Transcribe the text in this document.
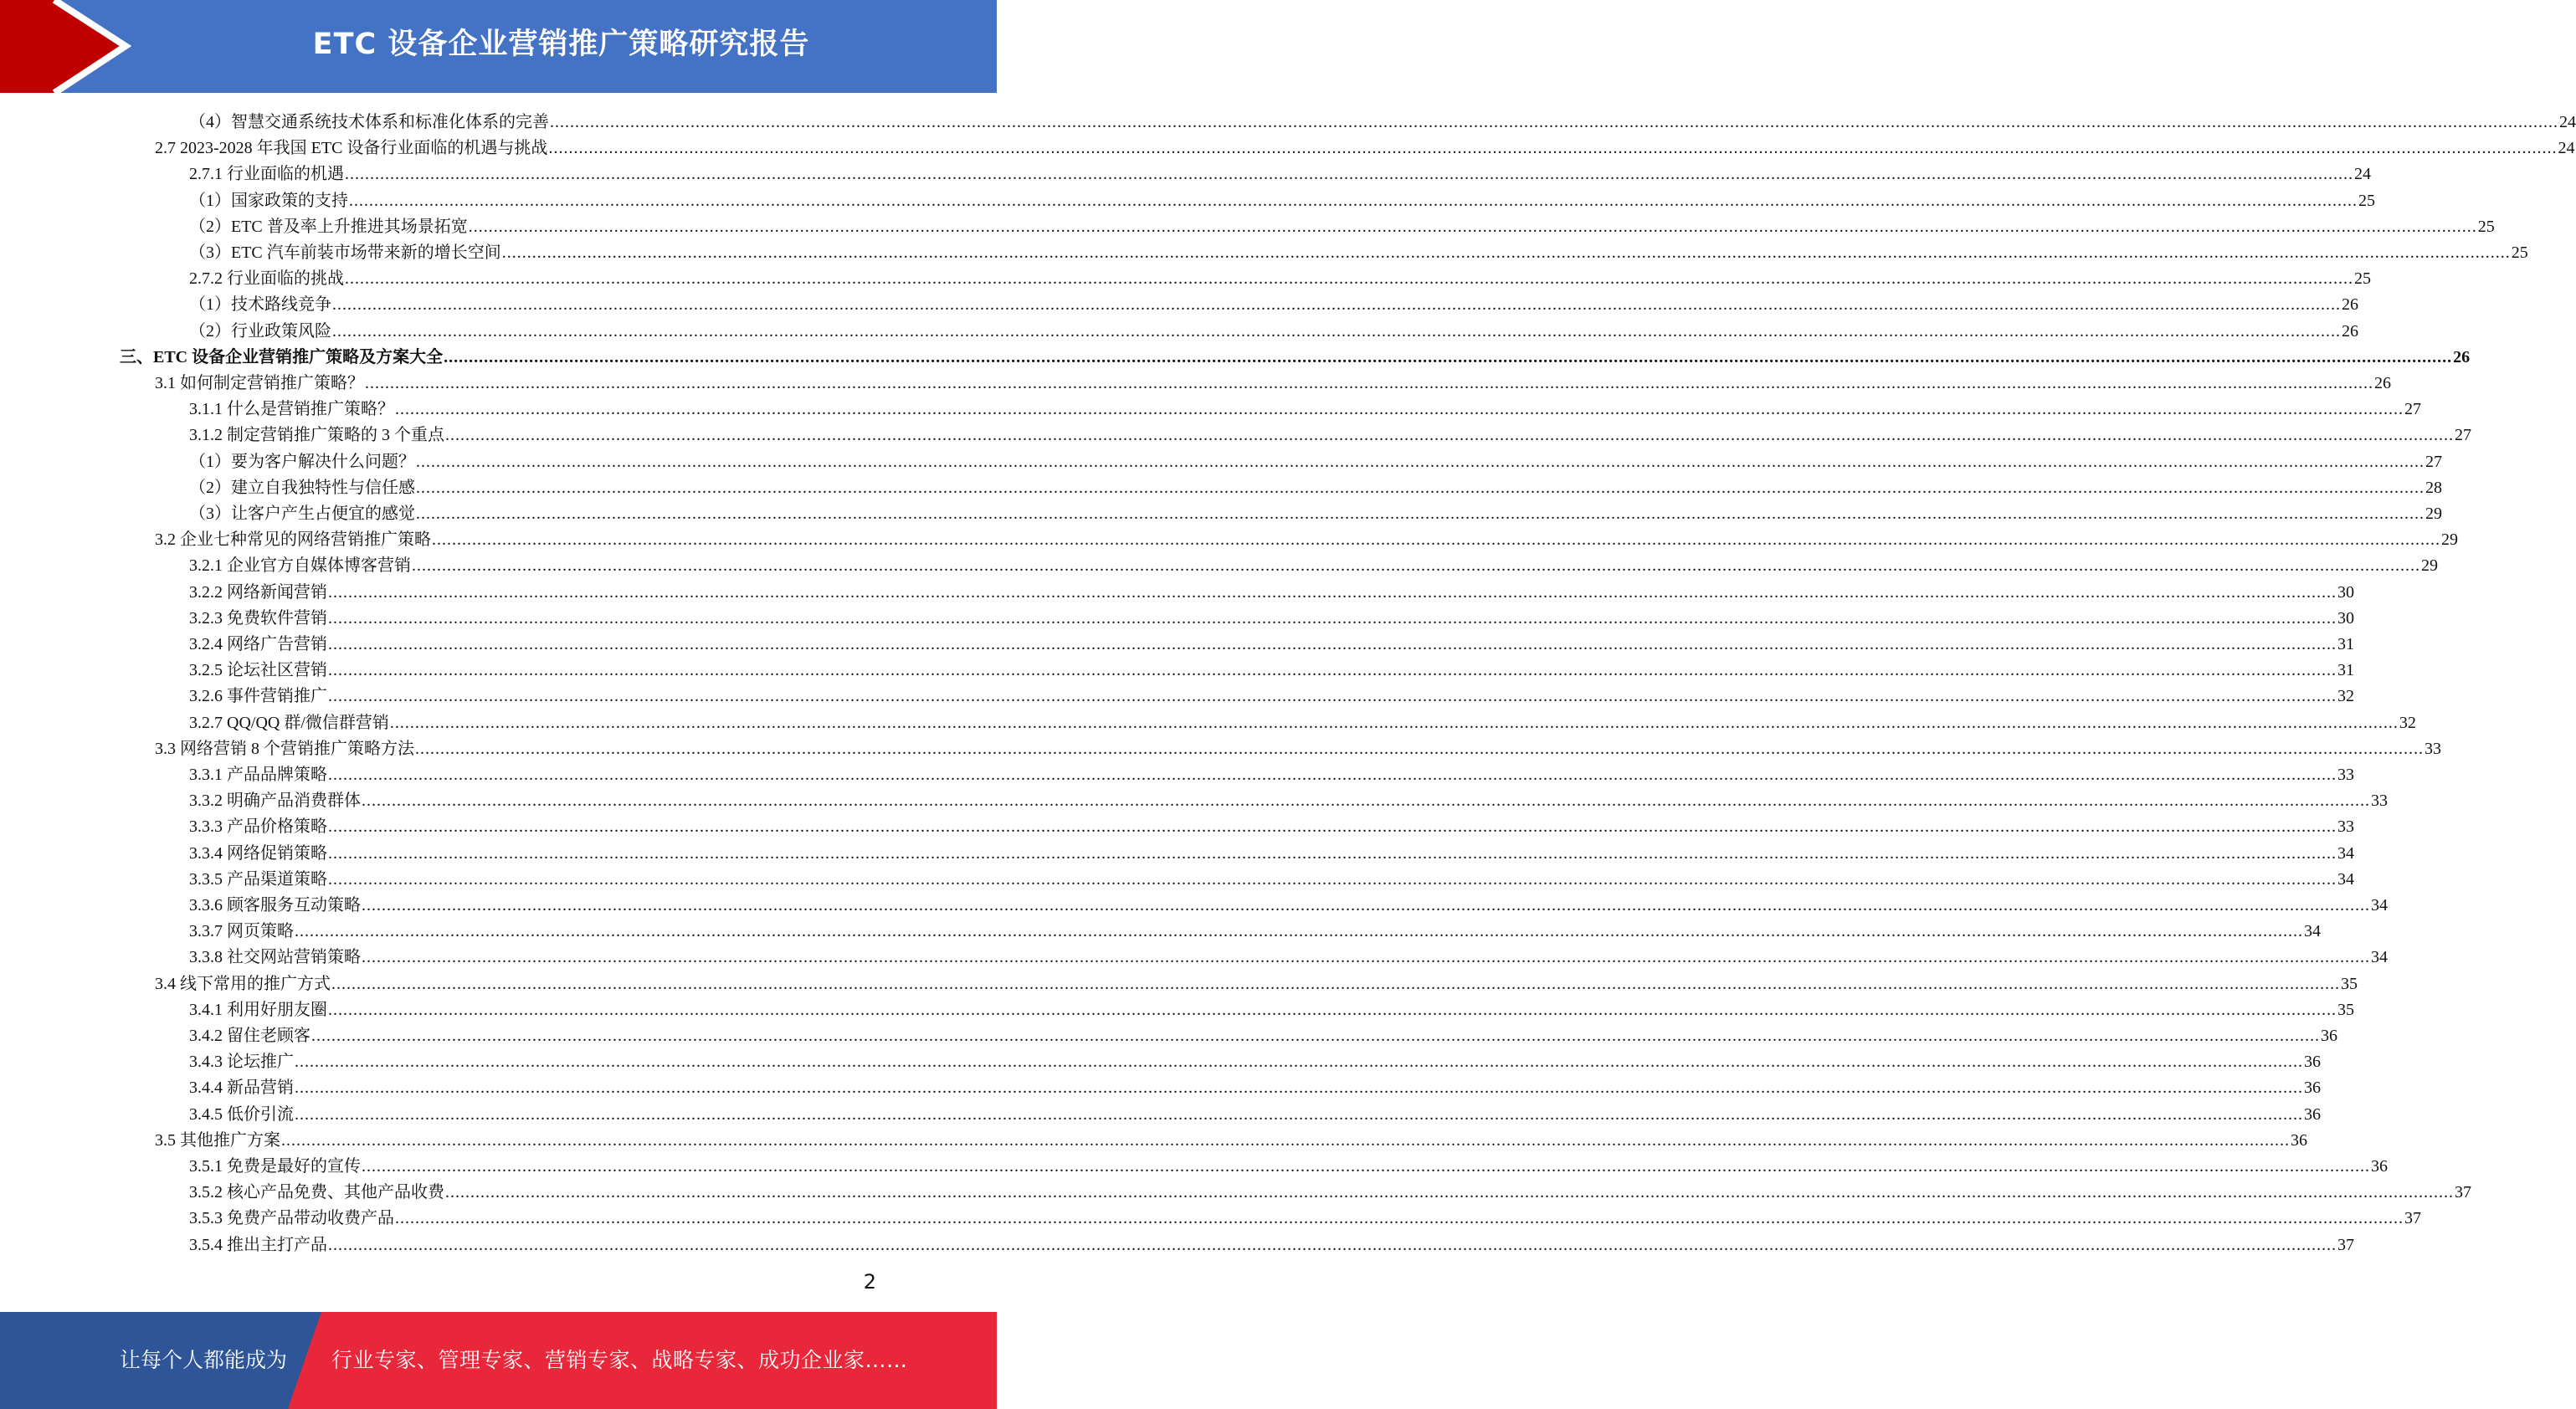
ETC 设备企业营销推广策略研究报告
（4）智慧交通系统技术体系和标准化体系的完善 ................................................................................................................................................................................................................................................................................................................................................................................................................ 24
2.7 2023-2028 年我国 ETC 设备行业面临的机遇与挑战 ................................................................................................................................................................................................................................................................................................................................................................................................................ 24
2.7.1 行业面临的机遇 ................................................................................................................................................................................................................................................................................................................................................................................................................ 24
（1）国家政策的支持 ................................................................................................................................................................................................................................................................................................................................................................................................................ 25
（2）ETC 普及率上升推进其场景拓宽 ................................................................................................................................................................................................................................................................................................................................................................................................................ 25
（3）ETC 汽车前装市场带来新的增长空间 ................................................................................................................................................................................................................................................................................................................................................................................................................ 25
2.7.2 行业面临的挑战 ................................................................................................................................................................................................................................................................................................................................................................................................................ 25
（1）技术路线竞争 ................................................................................................................................................................................................................................................................................................................................................................................................................ 26
（2）行业政策风险 ................................................................................................................................................................................................................................................................................................................................................................................................................ 26
三、ETC 设备企业营销推广策略及方案大全 ................................................................................................................................................................................................................................................................................................................................................................................................................ 26
3.1 如何制定营销推广策略？ ................................................................................................................................................................................................................................................................................................................................................................................................................ 26
3.1.1 什么是营销推广策略？ ................................................................................................................................................................................................................................................................................................................................................................................................................ 27
3.1.2 制定营销推广策略的 3 个重点 ................................................................................................................................................................................................................................................................................................................................................................................................................ 27
（1）要为客户解决什么问题？ ................................................................................................................................................................................................................................................................................................................................................................................................................ 27
（2）建立自我独特性与信任感 ................................................................................................................................................................................................................................................................................................................................................................................................................ 28
（3）让客户产生占便宜的感觉 ................................................................................................................................................................................................................................................................................................................................................................................................................ 29
3.2 企业七种常见的网络营销推广策略 ................................................................................................................................................................................................................................................................................................................................................................................................................ 29
3.2.1 企业官方自媒体博客营销 ................................................................................................................................................................................................................................................................................................................................................................................................................ 29
3.2.2 网络新闻营销 ................................................................................................................................................................................................................................................................................................................................................................................................................ 30
3.2.3 免费软件营销 ................................................................................................................................................................................................................................................................................................................................................................................................................ 30
3.2.4 网络广告营销 ................................................................................................................................................................................................................................................................................................................................................................................................................ 31
3.2.5 论坛社区营销 ................................................................................................................................................................................................................................................................................................................................................................................................................ 31
3.2.6 事件营销推广 ................................................................................................................................................................................................................................................................................................................................................................................................................ 32
3.2.7 QQ/QQ 群/微信群营销 ................................................................................................................................................................................................................................................................................................................................................................................................................ 32
3.3 网络营销 8 个营销推广策略方法 ................................................................................................................................................................................................................................................................................................................................................................................................................ 33
3.3.1 产品品牌策略 ................................................................................................................................................................................................................................................................................................................................................................................................................ 33
3.3.2 明确产品消费群体 ................................................................................................................................................................................................................................................................................................................................................................................................................ 33
3.3.3 产品价格策略 ................................................................................................................................................................................................................................................................................................................................................................................................................ 33
3.3.4 网络促销策略 ................................................................................................................................................................................................................................................................................................................................................................................................................ 34
3.3.5 产品渠道策略 ................................................................................................................................................................................................................................................................................................................................................................................................................ 34
3.3.6 顾客服务互动策略 ................................................................................................................................................................................................................................................................................................................................................................................................................ 34
3.3.7 网页策略 ................................................................................................................................................................................................................................................................................................................................................................................................................ 34
3.3.8 社交网站营销策略 ................................................................................................................................................................................................................................................................................................................................................................................................................ 34
3.4 线下常用的推广方式 ................................................................................................................................................................................................................................................................................................................................................................................................................ 35
3.4.1 利用好朋友圈 ................................................................................................................................................................................................................................................................................................................................................................................................................ 35
3.4.2 留住老顾客 ................................................................................................................................................................................................................................................................................................................................................................................................................ 36
3.4.3 论坛推广 ................................................................................................................................................................................................................................................................................................................................................................................................................ 36
3.4.4 新品营销 ................................................................................................................................................................................................................................................................................................................................................................................................................ 36
3.4.5 低价引流 ................................................................................................................................................................................................................................................................................................................................................................................................................ 36
3.5 其他推广方案 ................................................................................................................................................................................................................................................................................................................................................................................................................ 36
3.5.1 免费是最好的宣传 ................................................................................................................................................................................................................................................................................................................................................................................................................ 36
3.5.2 核心产品免费、其他产品收费 ................................................................................................................................................................................................................................................................................................................................................................................................................ 37
3.5.3 免费产品带动收费产品 ................................................................................................................................................................................................................................................................................................................................................................................................................ 37
3.5.4 推出主打产品 ................................................................................................................................................................................................................................................................................................................................................................................................................ 37
2
让每个人都能成为 行业专家、管理专家、营销专家、战略专家、成功企业家……
